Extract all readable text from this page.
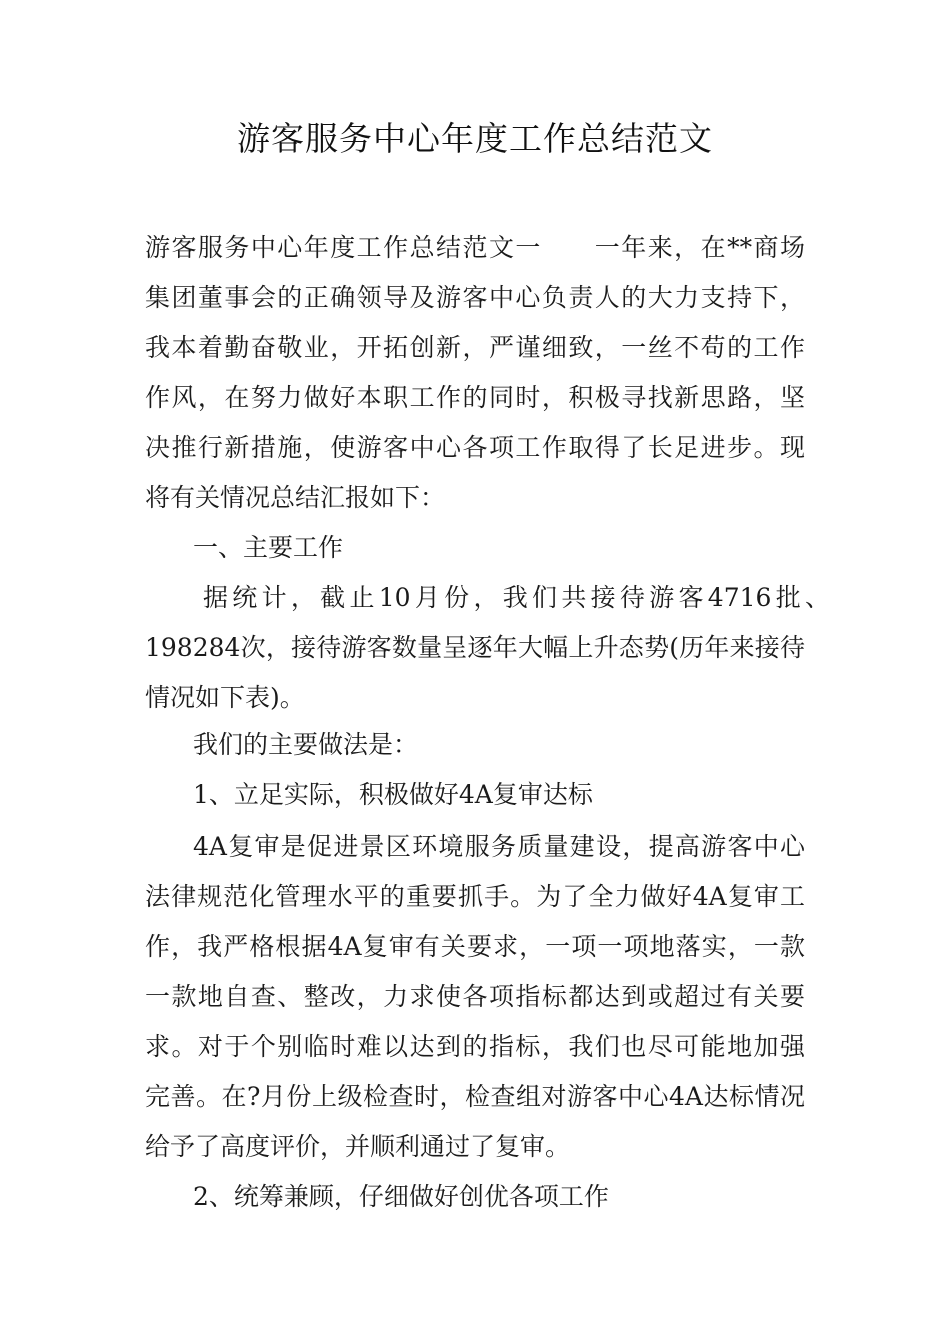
游客服务中心年度工作总结范文
游客服务中心年度工作总结范文一　　一年来，在**商场
集团董事会的正确领导及游客中心负责人的大力支持下，
我本着勤奋敬业，开拓创新，严谨细致，一丝不苟的工作
作风，在努力做好本职工作的同时，积极寻找新思路，坚
决推行新措施，使游客中心各项工作取得了长足进步。现
将有关情况总结汇报如下：
一、主要工作
据统计，截止10月份，我们共接待游客4716批、
198284次，接待游客数量呈逐年大幅上升态势(历年来接待
情况如下表)。
我们的主要做法是：
1、立足实际，积极做好4A复审达标
4A复审是促进景区环境服务质量建设，提高游客中心
法律规范化管理水平的重要抓手。为了全力做好4A复审工
作，我严格根据4A复审有关要求，一项一项地落实，一款
一款地自查、整改，力求使各项指标都达到或超过有关要
求。对于个别临时难以达到的指标，我们也尽可能地加强
完善。在?月份上级检查时，检查组对游客中心4A达标情况
给予了高度评价，并顺利通过了复审。
2、统筹兼顾，仔细做好创优各项工作
